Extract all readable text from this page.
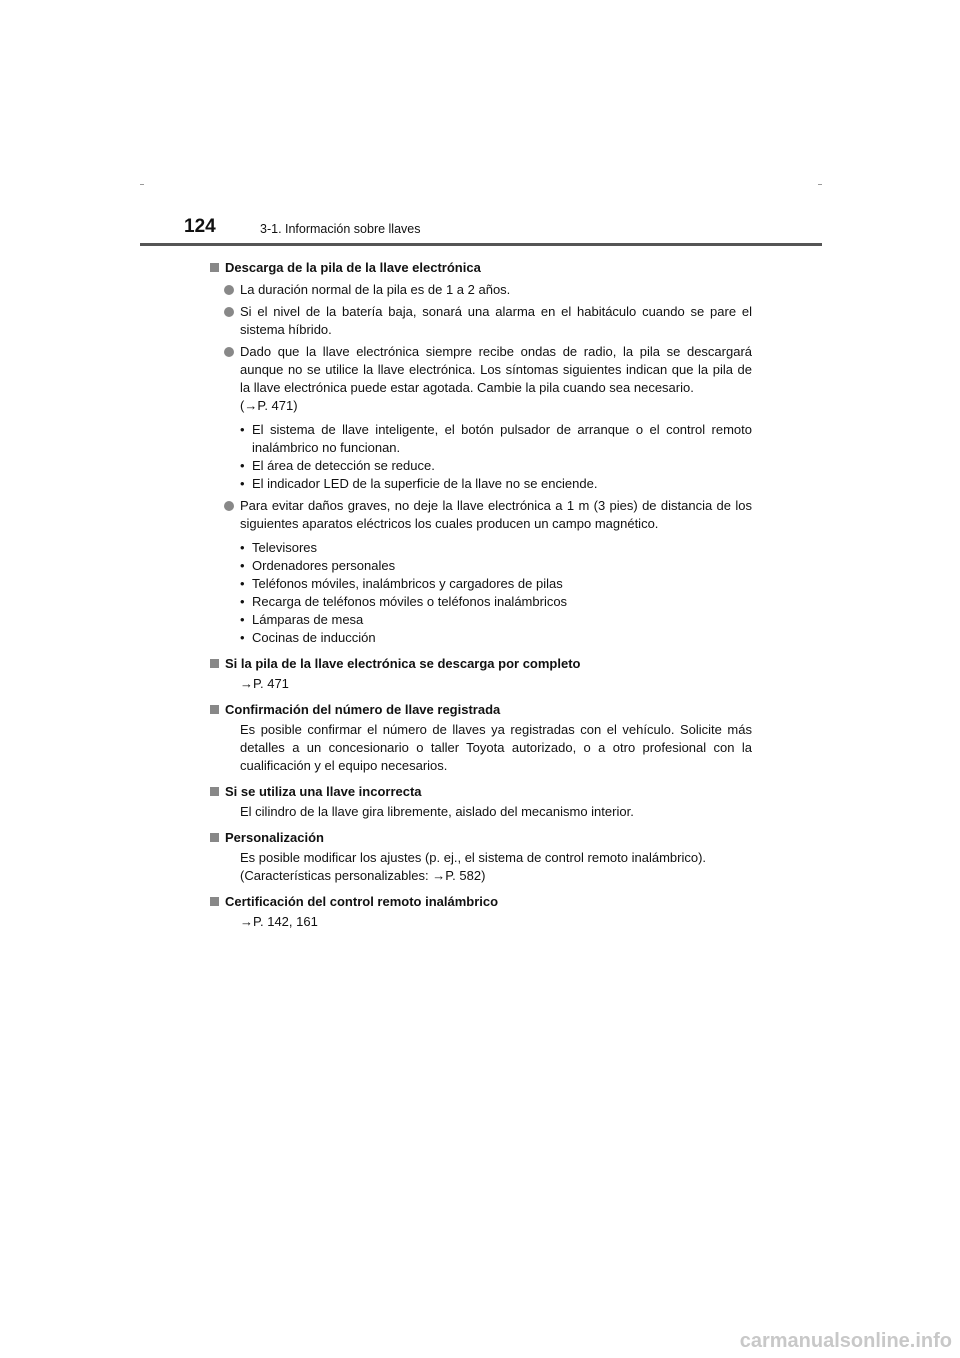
124	3-1. Información sobre llaves
Descarga de la pila de la llave electrónica
La duración normal de la pila es de 1 a 2 años.
Si el nivel de la batería baja, sonará una alarma en el habitáculo cuando se pare el sistema híbrido.
Dado que la llave electrónica siempre recibe ondas de radio, la pila se descargará aunque no se utilice la llave electrónica. Los síntomas siguientes indican que la pila de la llave electrónica puede estar agotada. Cambie la pila cuando sea necesario.
(→P. 471)
• El sistema de llave inteligente, el botón pulsador de arranque o el control remoto inalámbrico no funcionan.
• El área de detección se reduce.
• El indicador LED de la superficie de la llave no se enciende.
Para evitar daños graves, no deje la llave electrónica a 1 m (3 pies) de distancia de los siguientes aparatos eléctricos los cuales producen un campo magnético.
• Televisores
• Ordenadores personales
• Teléfonos móviles, inalámbricos y cargadores de pilas
• Recarga de teléfonos móviles o teléfonos inalámbricos
• Lámparas de mesa
• Cocinas de inducción
Si la pila de la llave electrónica se descarga por completo
→P. 471
Confirmación del número de llave registrada
Es posible confirmar el número de llaves ya registradas con el vehículo. Solicite más detalles a un concesionario o taller Toyota autorizado, o a otro profesional con la cualificación y el equipo necesarios.
Si se utiliza una llave incorrecta
El cilindro de la llave gira libremente, aislado del mecanismo interior.
Personalización
Es posible modificar los ajustes (p. ej., el sistema de control remoto inalámbrico).
(Características personalizables: →P. 582)
Certificación del control remoto inalámbrico
→P. 142, 161
carmanualsonline.info
